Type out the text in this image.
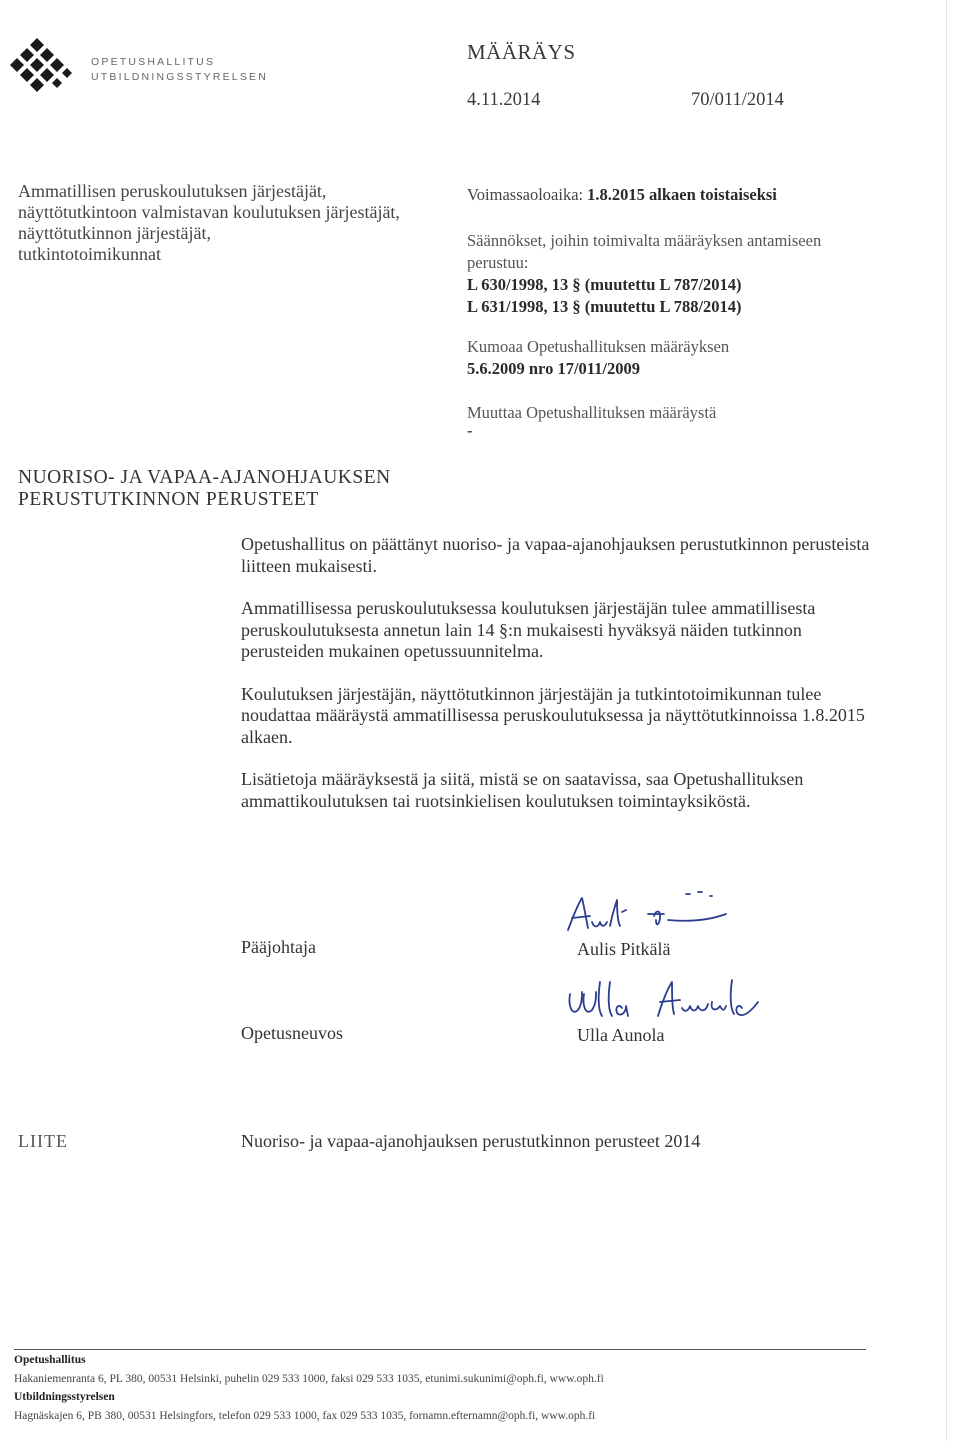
OPETUSHALLITUS
UTBILDNINGSSTYRELSEN
MÄÄRÄYS
4.11.2014	70/011/2014
Ammatillisen peruskoulutuksen järjestäjät,
näyttötutkintoon valmistavan koulutuksen järjestäjät,
näyttötutkinnon järjestäjät,
tutkintotoimikunnat
Voimassaoloaika: 1.8.2015 alkaen toistaiseksi
Säännökset, joihin toimivalta määräyksen antamiseen perustuu:
L 630/1998, 13 § (muutettu L 787/2014)
L 631/1998, 13 § (muutettu L 788/2014)
Kumoaa Opetushallituksen määräyksen
5.6.2009 nro 17/011/2009
Muuttaa Opetushallituksen määräystä
-
NUORISO- JA VAPAA-AJANOHJAUKSEN
PERUSTUTKINNON PERUSTEET

Opetushallitus on päättänyt nuoriso- ja vapaa-ajanohjauksen perustutkinnon perusteista liitteen mukaisesti.

Ammatillisessa peruskoulutuksessa koulutuksen järjestäjän tulee ammatillisesta peruskoulutuksesta annetun lain 14 §:n mukaisesti hyväksyä näiden tutkinnon perusteiden mukainen opetussuunnitelma.

Koulutuksen järjestäjän, näyttötutkinnon järjestäjän ja tutkintotoimikunnan tulee noudattaa määräystä ammatillisessa peruskoulutuksessa ja näyttötutkinnoissa 1.8.2015 alkaen.

Lisätietoja määräyksestä ja siitä, mistä se on saatavissa, saa Opetushallituksen ammattikoulutuksen tai ruotsinkielisen koulutuksen toimintayksiköstä.

Pääjohtaja	Aulis Pitkälä
Opetusneuvos	Ulla Aunola
LIITE	Nuoriso- ja vapaa-ajanohjauksen perustutkinnon perusteet 2014
Opetushallitus
Hakaniemenranta 6, PL 380, 00531 Helsinki, puhelin 029 533 1000, faksi 029 533 1035, etunimi.sukunimi@oph.fi, www.oph.fi
Utbildningsstyrelsen
Hagnäskajen 6, PB 380, 00531 Helsingfors, telefon 029 533 1000, fax 029 533 1035, fornamn.efternamn@oph.fi, www.oph.fi
